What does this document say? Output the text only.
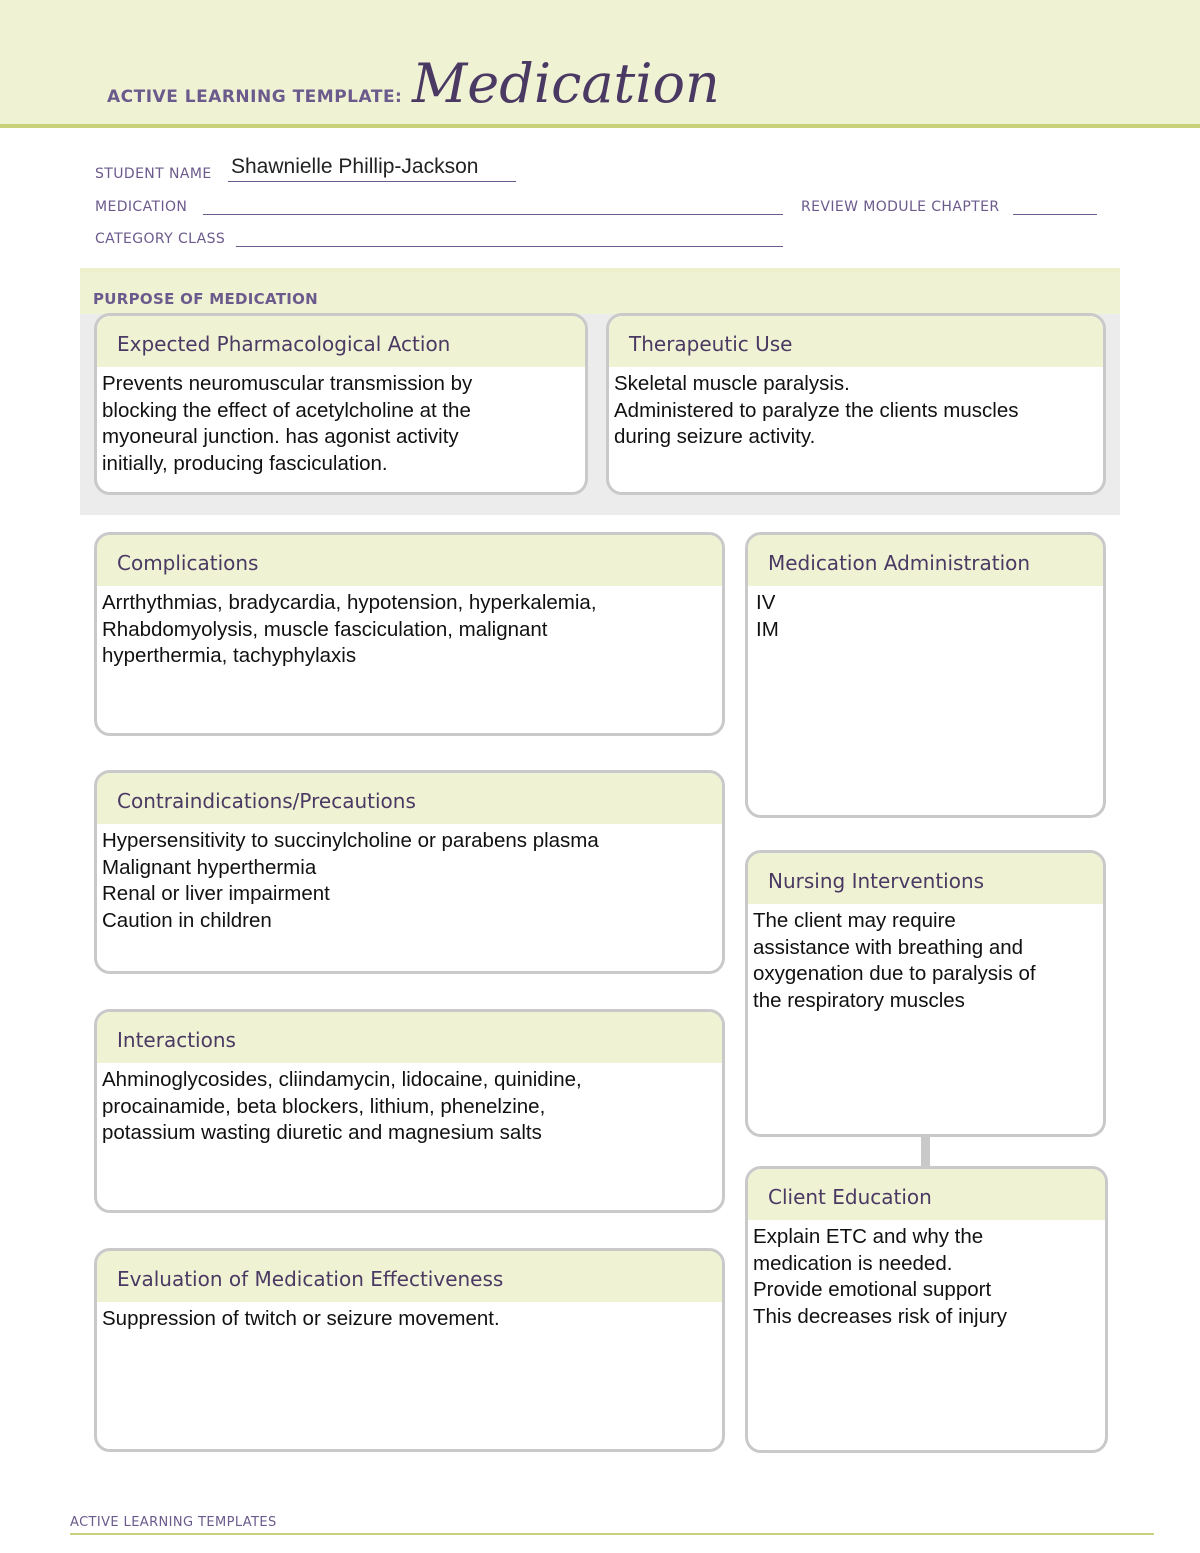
ACTIVE LEARNING TEMPLATE: Medication
STUDENT NAME Shawnielle Phillip-Jackson
MEDICATION	REVIEW MODULE CHAPTER
CATEGORY CLASS
PURPOSE OF MEDICATION
Expected Pharmacological Action
Prevents neuromuscular transmission by
blocking the effect of acetylcholine at the
myoneural junction. has agonist activity
initially, producing fasciculation.
Therapeutic Use
Skeletal muscle paralysis.
Administered to paralyze the clients muscles
during seizure activity.
Complications
Arrthythmias, bradycardia, hypotension, hyperkalemia,
Rhabdomyolysis, muscle fasciculation, malignant
hyperthermia, tachyphylaxis
Contraindications/Precautions
Hypersensitivity to succinylcholine or parabens plasma
Malignant hyperthermia
Renal or liver impairment
Caution in children
Interactions
Ahminoglycosides, cliindamycin, lidocaine, quinidine,
procainamide, beta blockers, lithium, phenelzine,
potassium wasting diuretic and magnesium salts
Evaluation of Medication Effectiveness
Suppression of twitch or seizure movement.
Medication Administration
IV
IM
Nursing Interventions
The client may require
assistance with breathing and
oxygenation due to paralysis of
the respiratory muscles
Client Education
Explain ETC and why the
medication is needed.
Provide emotional support
This decreases risk of injury
ACTIVE LEARNING TEMPLATES
